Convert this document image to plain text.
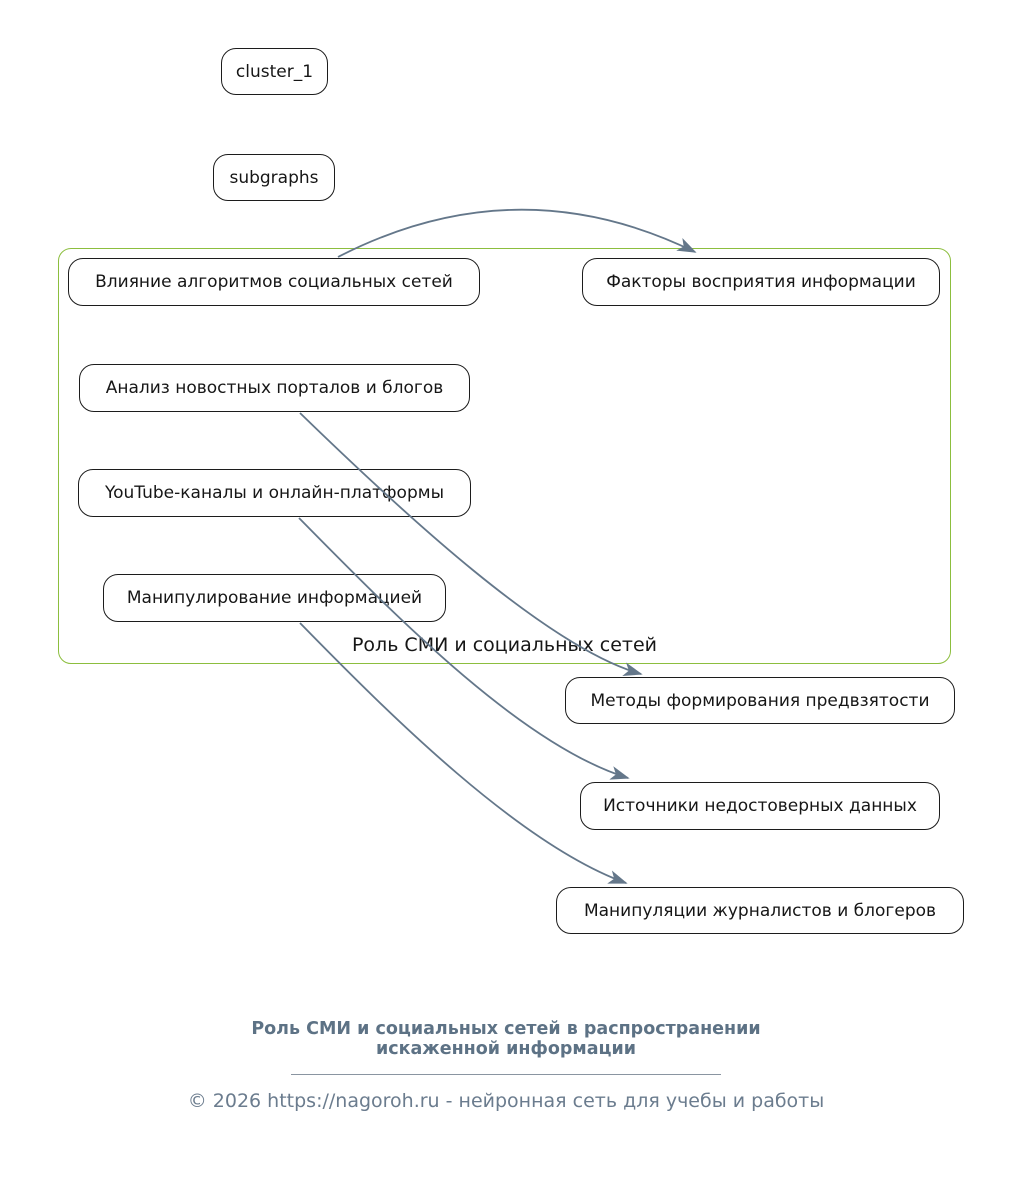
Роль СМИ и социальных сетей
cluster_1
subgraphs
Влияние алгоритмов социальных сетей	Факторы восприятия информации
Анализ новостных порталов и блогов
YouTube-каналы и онлайн-платформы
Манипулирование информацией
Методы формирования предвзятости
Источники недостоверных данных
Манипуляции журналистов и блогеров
Роль СМИ и социальных сетей в распространении
искаженной информации
© 2026 https://nagoroh.ru - нейронная сеть для учебы и работы
